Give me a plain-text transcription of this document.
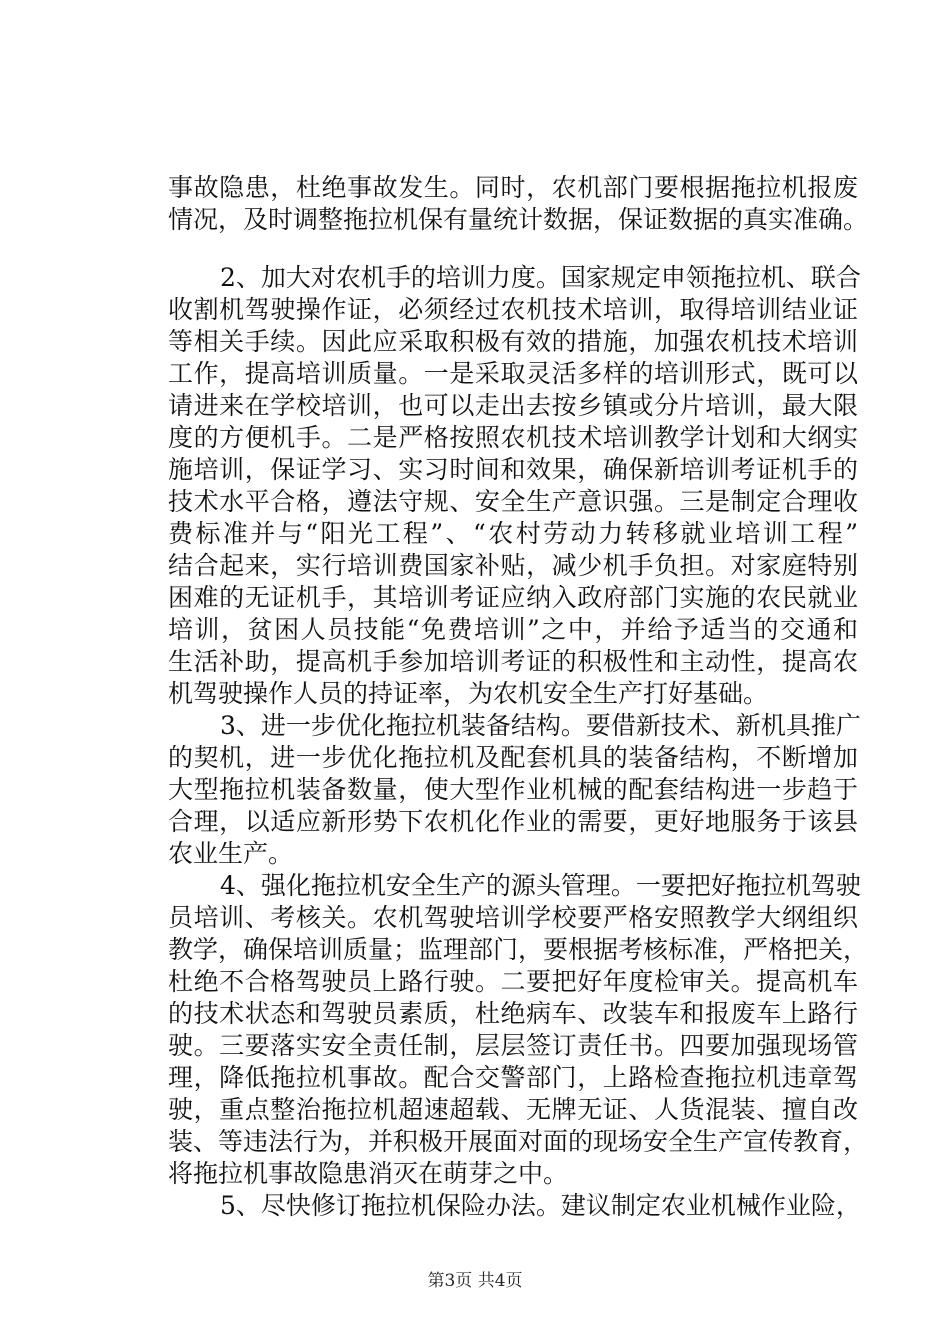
事故隐患，杜绝事故发生。同时，农机部门要根据拖拉机报废
情况，及时调整拖拉机保有量统计数据，保证数据的真实准确。
2、加大对农机手的培训力度。国家规定申领拖拉机、联合
收割机驾驶操作证，必须经过农机技术培训，取得培训结业证
等相关手续。因此应采取积极有效的措施，加强农机技术培训
工作，提高培训质量。一是采取灵活多样的培训形式，既可以
请进来在学校培训，也可以走出去按乡镇或分片培训，最大限
度的方便机手。二是严格按照农机技术培训教学计划和大纲实
施培训，保证学习、实习时间和效果，确保新培训考证机手的
技术水平合格，遵法守规、安全生产意识强。三是制定合理收
费标准并与“阳光工程”、“农村劳动力转移就业培训工程”
结合起来，实行培训费国家补贴，减少机手负担。对家庭特别
困难的无证机手，其培训考证应纳入政府部门实施的农民就业
培训，贫困人员技能“免费培训”之中，并给予适当的交通和
生活补助，提高机手参加培训考证的积极性和主动性，提高农
机驾驶操作人员的持证率，为农机安全生产打好基础。
3、进一步优化拖拉机装备结构。要借新技术、新机具推广
的契机，进一步优化拖拉机及配套机具的装备结构，不断增加
大型拖拉机装备数量，使大型作业机械的配套结构进一步趋于
合理，以适应新形势下农机化作业的需要，更好地服务于该县
农业生产。
4、强化拖拉机安全生产的源头管理。一要把好拖拉机驾驶
员培训、考核关。农机驾驶培训学校要严格安照教学大纲组织
教学，确保培训质量；监理部门，要根据考核标准，严格把关，
杜绝不合格驾驶员上路行驶。二要把好年度检审关。提高机车
的技术状态和驾驶员素质，杜绝病车、改装车和报废车上路行
驶。三要落实安全责任制，层层签订责任书。四要加强现场管
理，降低拖拉机事故。配合交警部门，上路检查拖拉机违章驾
驶，重点整治拖拉机超速超载、无牌无证、人货混装、擅自改
装、等违法行为，并积极开展面对面的现场安全生产宣传教育，
将拖拉机事故隐患消灭在萌芽之中。
5、尽快修订拖拉机保险办法。建议制定农业机械作业险，
第3页 共4页
